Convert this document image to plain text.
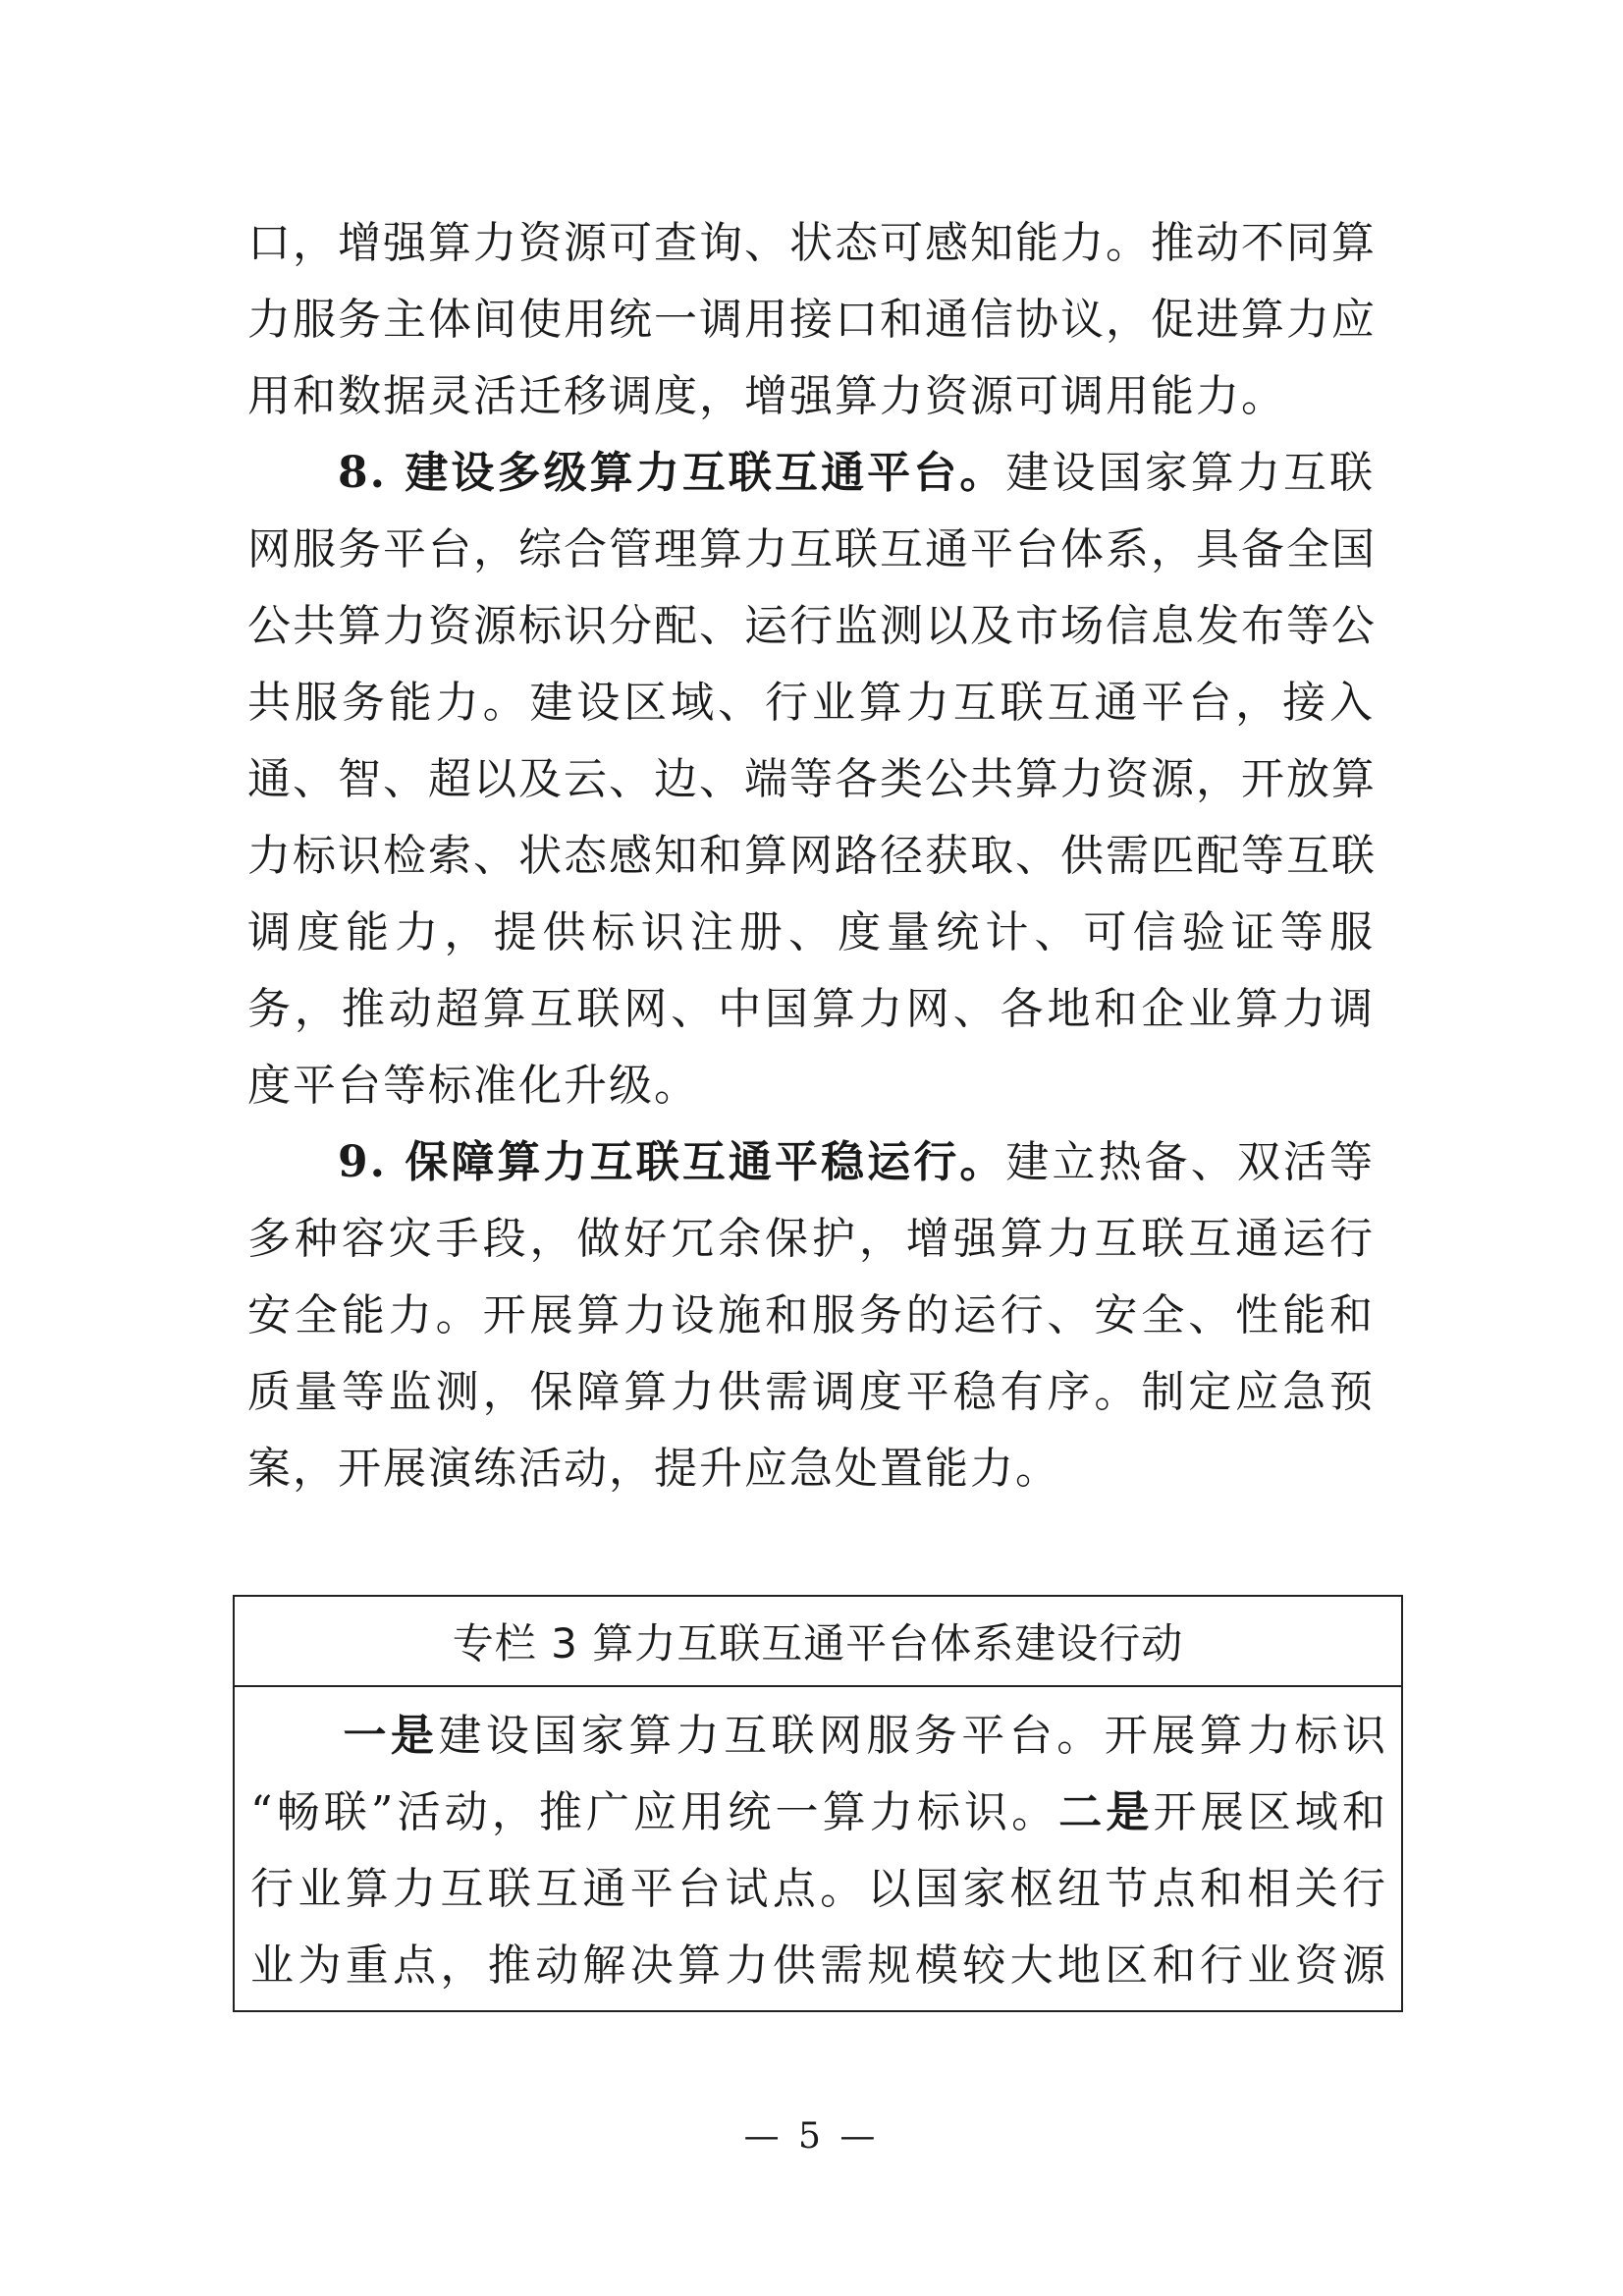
口，增强算力资源可查询、状态可感知能力。推动不同算
力服务主体间使用统一调用接口和通信协议，促进算力应
用和数据灵活迁移调度，增强算力资源可调用能力。
8. 建设多级算力互联互通平台。建设国家算力互联
网服务平台，综合管理算力互联互通平台体系，具备全国
公共算力资源标识分配、运行监测以及市场信息发布等公
共服务能力。建设区域、行业算力互联互通平台，接入
通、智、超以及云、边、端等各类公共算力资源，开放算
力标识检索、状态感知和算网路径获取、供需匹配等互联
调度能力，提供标识注册、度量统计、可信验证等服
务，推动超算互联网、中国算力网、各地和企业算力调
度平台等标准化升级。
9. 保障算力互联互通平稳运行。建立热备、双活等
多种容灾手段，做好冗余保护，增强算力互联互通运行
安全能力。开展算力设施和服务的运行、安全、性能和
质量等监测，保障算力供需调度平稳有序。制定应急预
案，开展演练活动，提升应急处置能力。
专栏 3 算力互联互通平台体系建设行动
一是建设国家算力互联网服务平台。开展算力标识
“畅联”活动，推广应用统一算力标识。二是开展区域和
行业算力互联互通平台试点。以国家枢纽节点和相关行
业为重点，推动解决算力供需规模较大地区和行业资源
— 5 —
